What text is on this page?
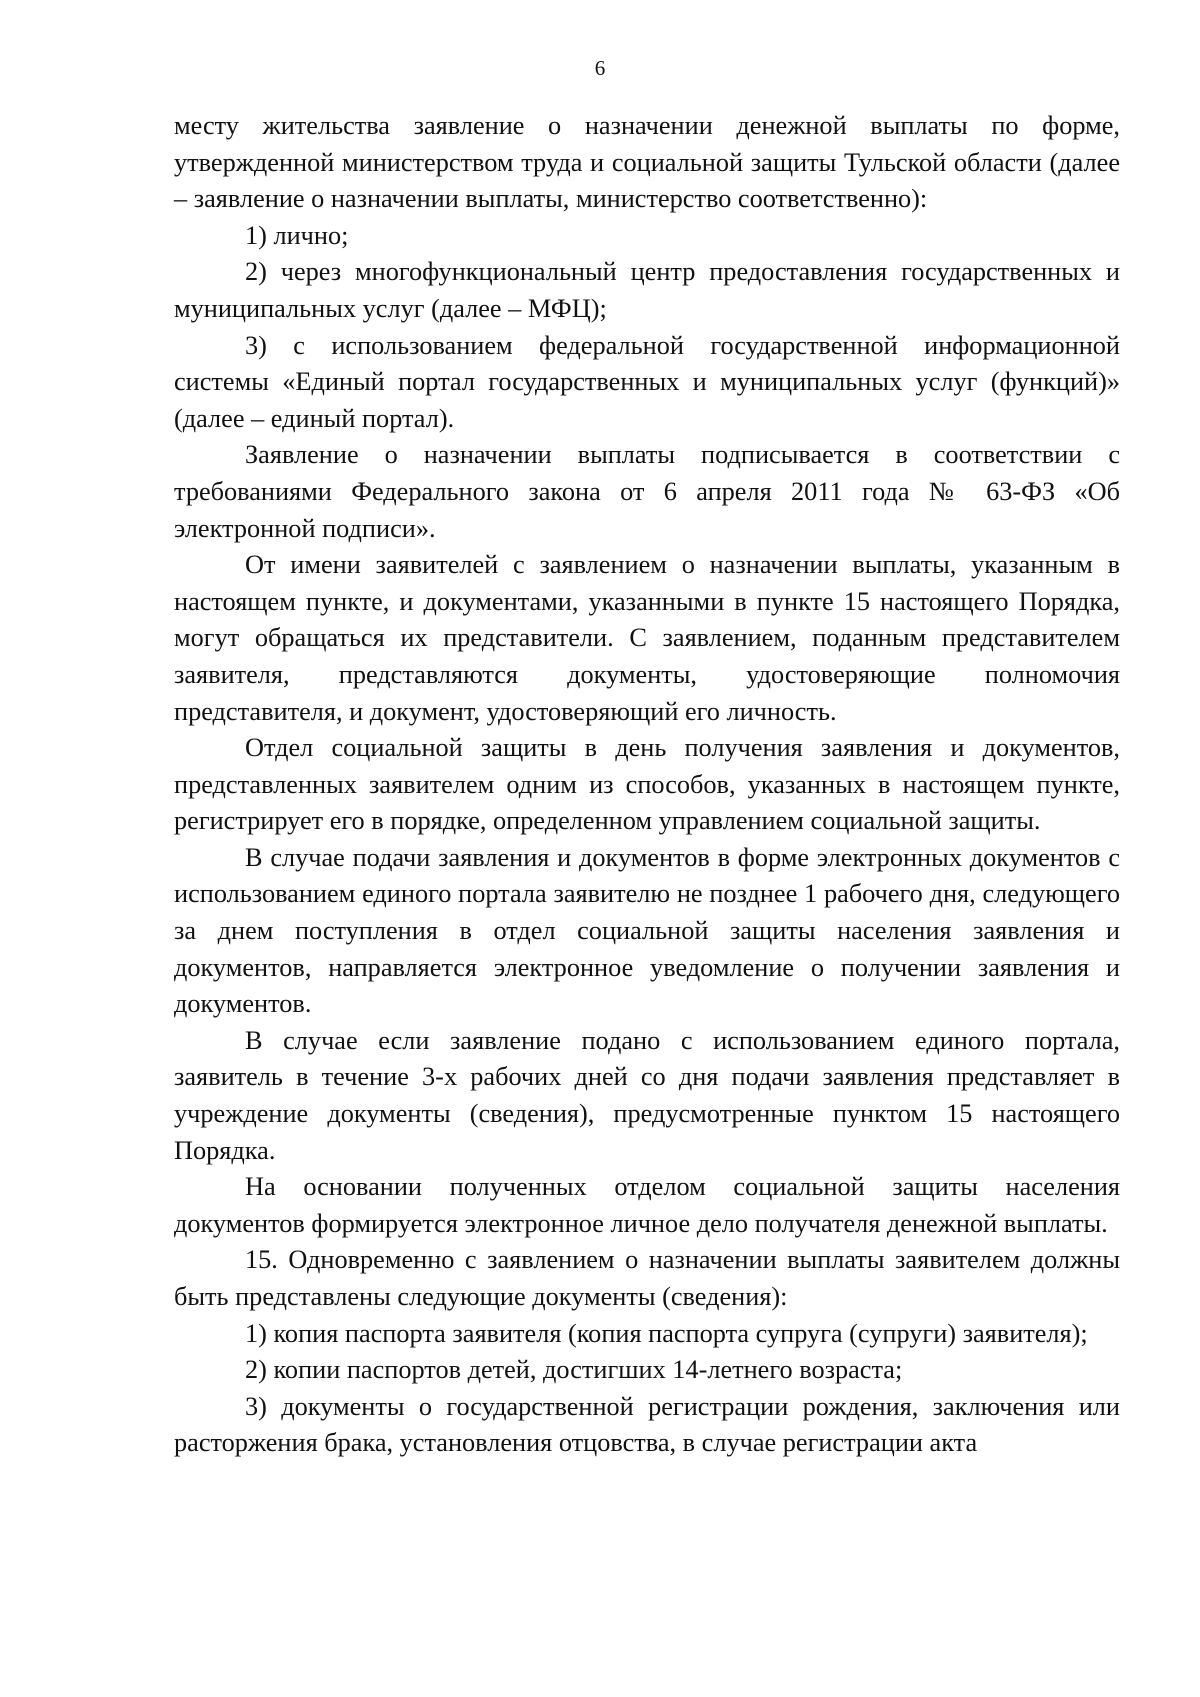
6

месту жительства заявление о назначении денежной выплаты по форме, утвержденной министерством труда и социальной защиты Тульской области (далее – заявление о назначении выплаты, министерство соответственно):

1) лично;

2) через многофункциональный центр предоставления государственных и муниципальных услуг (далее – МФЦ);

3) с использованием федеральной государственной информационной системы «Единый портал государственных и муниципальных услуг (функций)» (далее – единый портал).

Заявление о назначении выплаты подписывается в соответствии с требованиями Федерального закона от 6 апреля 2011 года № 63-ФЗ «Об электронной подписи».

От имени заявителей с заявлением о назначении выплаты, указанным в настоящем пункте, и документами, указанными в пункте 15 настоящего Порядка, могут обращаться их представители. С заявлением, поданным представителем заявителя, представляются документы, удостоверяющие полномочия представителя, и документ, удостоверяющий его личность.

Отдел социальной защиты в день получения заявления и документов, представленных заявителем одним из способов, указанных в настоящем пункте, регистрирует его в порядке, определенном управлением социальной защиты.

В случае подачи заявления и документов в форме электронных документов с использованием единого портала заявителю не позднее 1 рабочего дня, следующего за днем поступления в отдел социальной защиты населения заявления и документов, направляется электронное уведомление о получении заявления и документов.

В случае если заявление подано с использованием единого портала, заявитель в течение 3-х рабочих дней со дня подачи заявления представляет в учреждение документы (сведения), предусмотренные пунктом 15 настоящего Порядка.

На основании полученных отделом социальной защиты населения документов формируется электронное личное дело получателя денежной выплаты.

15. Одновременно с заявлением о назначении выплаты заявителем должны быть представлены следующие документы (сведения):

1) копия паспорта заявителя (копия паспорта супруга (супруги) заявителя);

2) копии паспортов детей, достигших 14-летнего возраста;

3) документы о государственной регистрации рождения, заключения или расторжения брака, установления отцовства, в случае регистрации акта
